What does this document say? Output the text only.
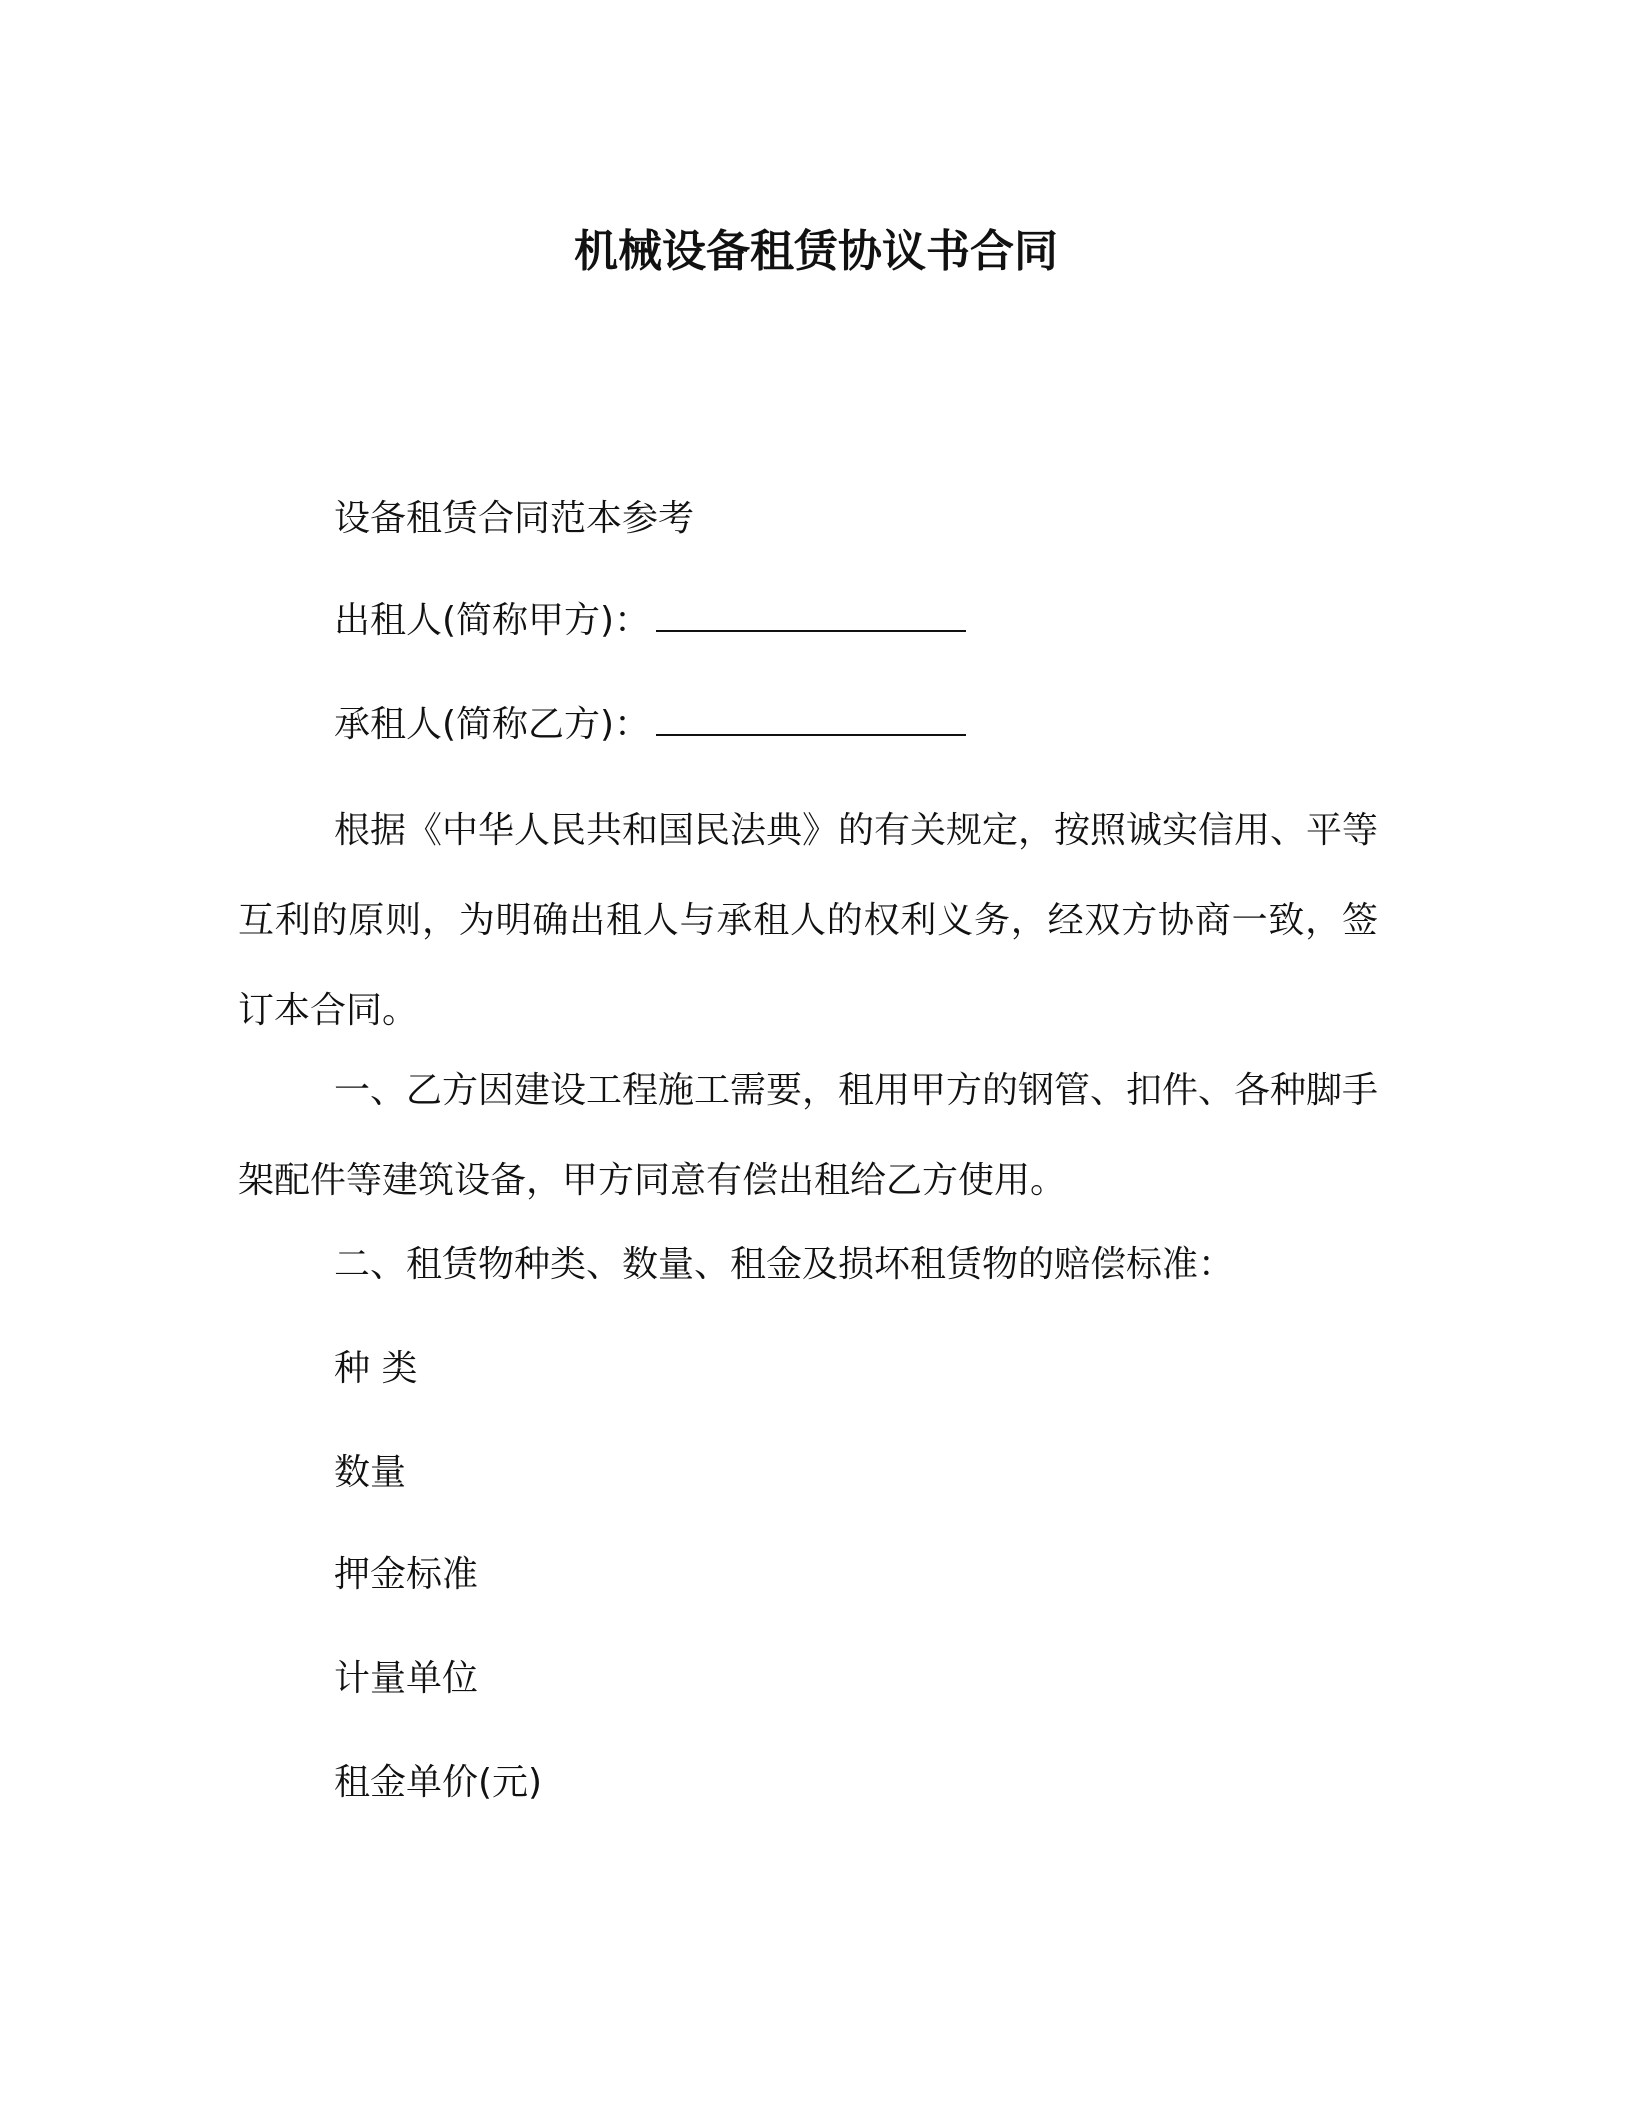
机械设备租赁协议书合同
设备租赁合同范本参考
出租人(简称甲方)：
承租人(简称乙方)：
根据《中华人民共和国民法典》的有关规定，按照诚实信用、平等互利的原则，为明确出租人与承租人的权利义务，经双方协商一致，签订本合同。
一、乙方因建设工程施工需要，租用甲方的钢管、扣件、各种脚手架配件等建筑设备，甲方同意有偿出租给乙方使用。
二、租赁物种类、数量、租金及损坏租赁物的赔偿标准：
种 类
数量
押金标准
计量单位
租金单价(元)
